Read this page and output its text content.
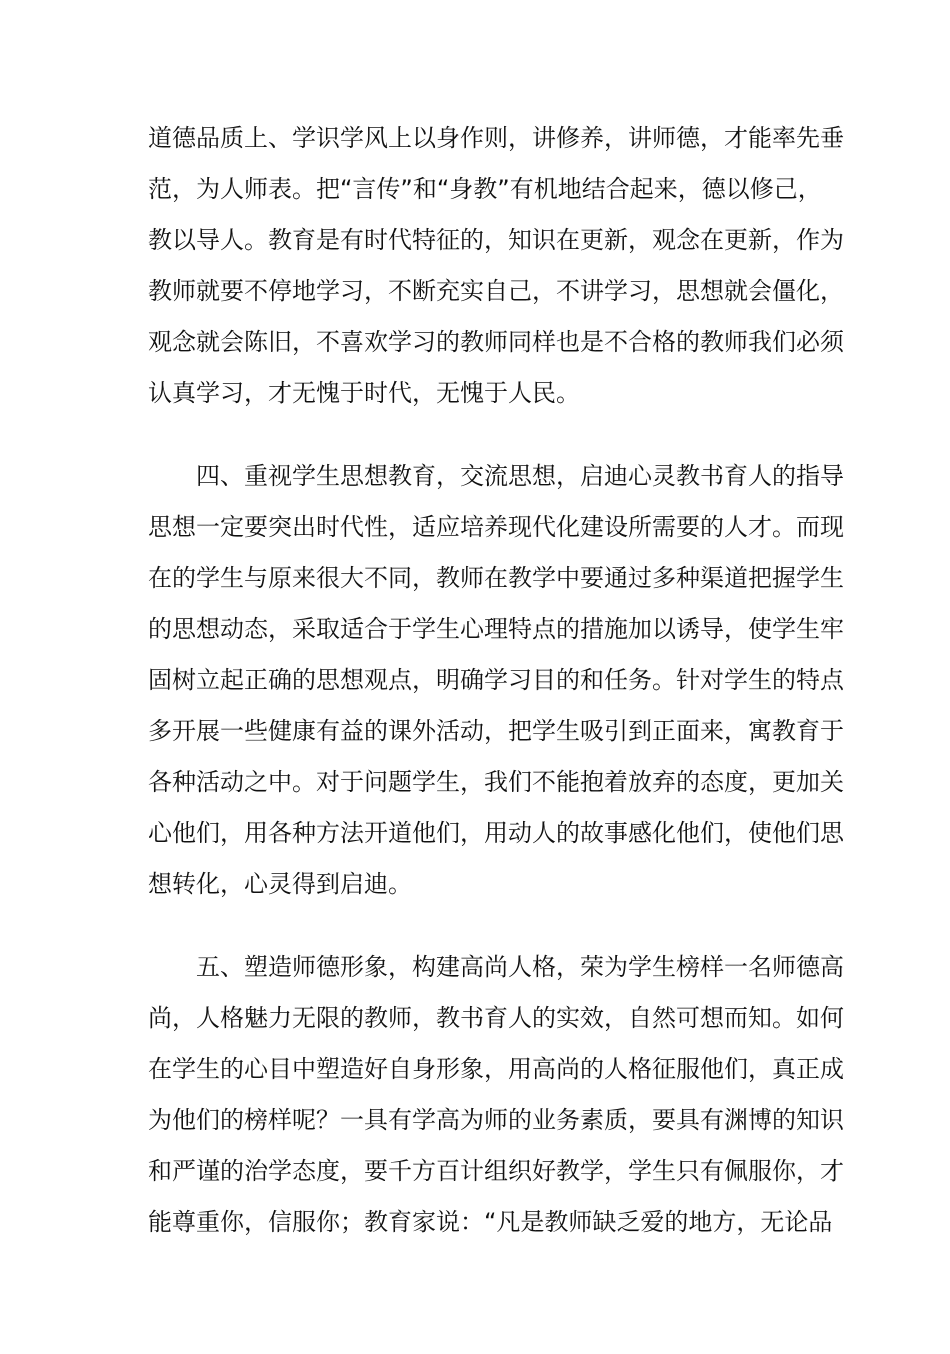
道德品质上、学识学风上以身作则，讲修养，讲师德，才能率先垂
范，为人师表。把“言传”和“身教”有机地结合起来，德以修己，
教以导人。教育是有时代特征的，知识在更新，观念在更新，作为
教师就要不停地学习，不断充实自己，不讲学习，思想就会僵化，
观念就会陈旧，不喜欢学习的教师同样也是不合格的教师我们必须
认真学习，才无愧于时代，无愧于人民。
　　四、重视学生思想教育，交流思想，启迪心灵教书育人的指导
思想一定要突出时代性，适应培养现代化建设所需要的人才。而现
在的学生与原来很大不同，教师在教学中要通过多种渠道把握学生
的思想动态，采取适合于学生心理特点的措施加以诱导，使学生牢
固树立起正确的思想观点，明确学习目的和任务。针对学生的特点
多开展一些健康有益的课外活动，把学生吸引到正面来，寓教育于
各种活动之中。对于问题学生，我们不能抱着放弃的态度，更加关
心他们，用各种方法开道他们，用动人的故事感化他们，使他们思
想转化，心灵得到启迪。
　　五、塑造师德形象，构建高尚人格，荣为学生榜样一名师德高
尚，人格魅力无限的教师，教书育人的实效，自然可想而知。如何
在学生的心目中塑造好自身形象，用高尚的人格征服他们，真正成
为他们的榜样呢？一具有学高为师的业务素质，要具有渊博的知识
和严谨的治学态度，要千方百计组织好教学，学生只有佩服你，才
能尊重你，信服你；教育家说：“凡是教师缺乏爱的地方，无论品
